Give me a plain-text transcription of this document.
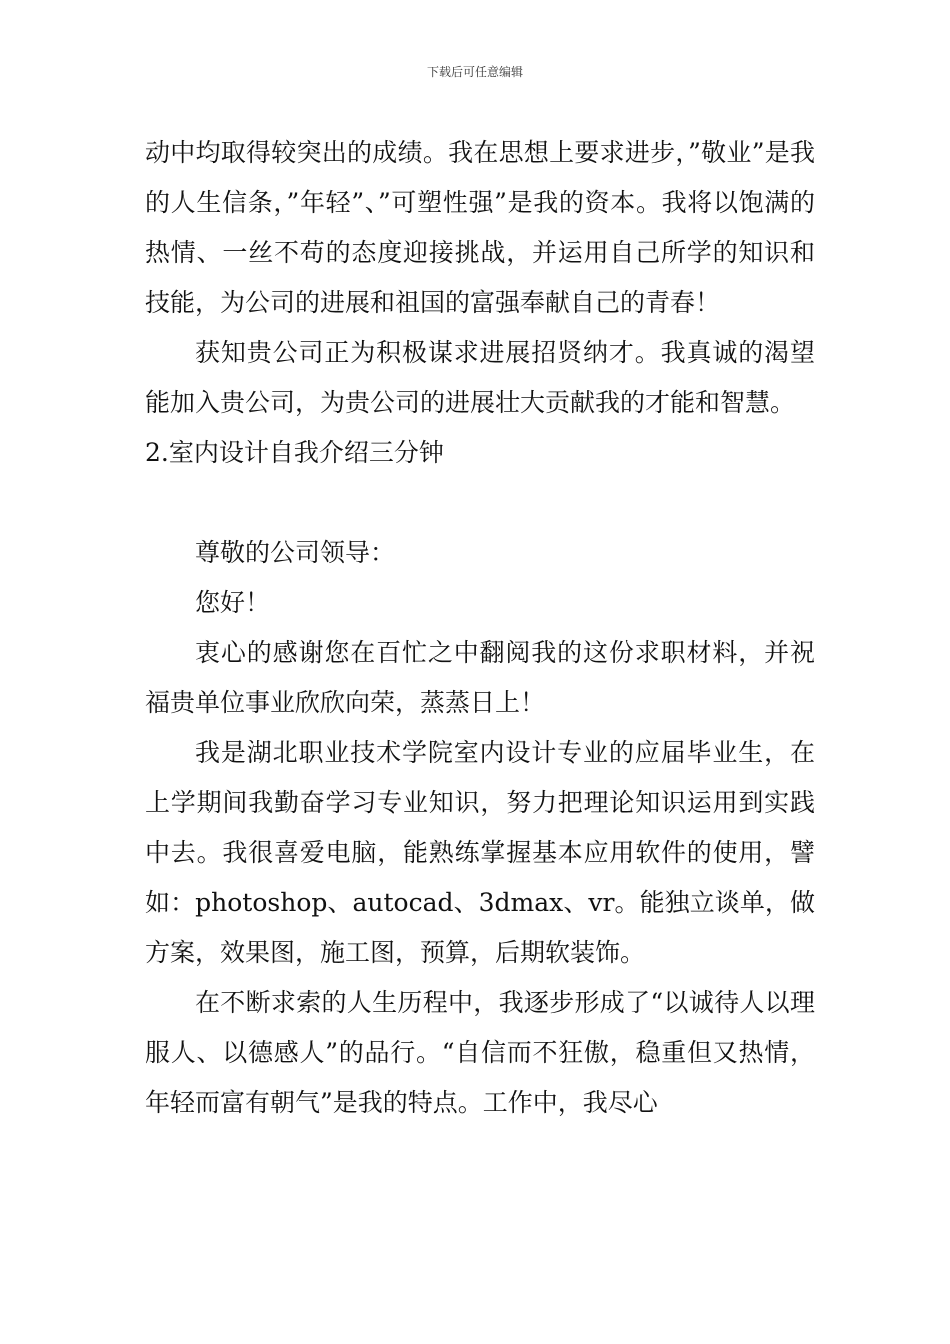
下载后可任意编辑

动中均取得较突出的成绩。我在思想上要求进步，”敬业”是我的人生信条，”年轻”、”可塑性强”是我的资本。我将以饱满的热情、一丝不苟的态度迎接挑战，并运用自己所学的知识和技能，为公司的进展和祖国的富强奉献自己的青春！

获知贵公司正为积极谋求进展招贤纳才。我真诚的渴望能加入贵公司，为贵公司的进展壮大贡献我的才能和智慧。

2.室内设计自我介绍三分钟

尊敬的公司领导：

您好！

衷心的感谢您在百忙之中翻阅我的这份求职材料，并祝福贵单位事业欣欣向荣，蒸蒸日上！

我是湖北职业技术学院室内设计专业的应届毕业生，在上学期间我勤奋学习专业知识，努力把理论知识运用到实践中去。我很喜爱电脑，能熟练掌握基本应用软件的使用，譬如：photoshop、autocad、3dmax、vr。能独立谈单，做方案，效果图，施工图，预算，后期软装饰。

在不断求索的人生历程中，我逐步形成了“以诚待人以理服人、以德感人”的品行。“自信而不狂傲，稳重但又热情，年轻而富有朝气”是我的特点。工作中，我尽心
